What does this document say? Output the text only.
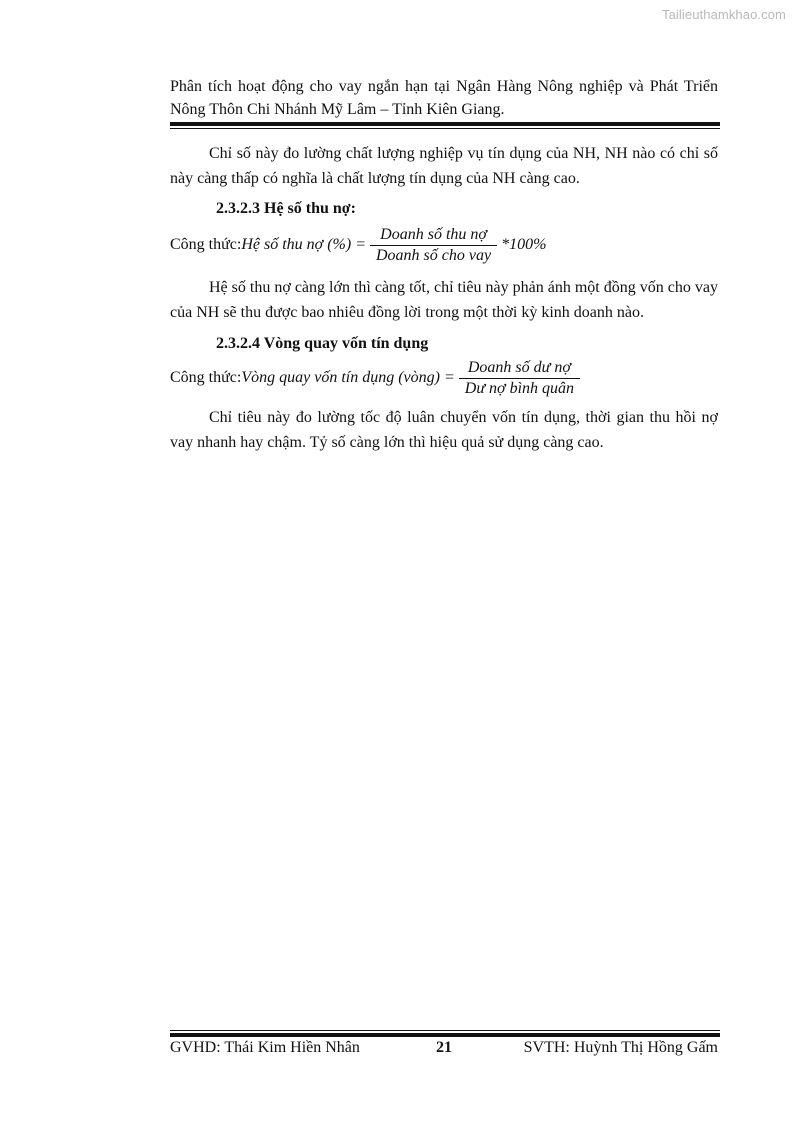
Tailieuthamkhao.com
Phân tích hoạt động cho vay ngắn hạn tại Ngân Hàng Nông nghiệp và Phát Triển Nông Thôn Chi Nhánh Mỹ Lâm – Tỉnh Kiên Giang.

Chỉ số này đo lường chất lượng nghiệp vụ tín dụng của NH, NH nào có chỉ số này càng thấp có nghĩa là chất lượng tín dụng của NH càng cao.

2.3.2.3 Hệ số thu nợ:

Công thức: Hệ số thu nợ (%) = $\frac{\text{Doanh số thu nợ}}{\text{Doanh số cho vay}} *100\%$

Hệ số thu nợ càng lớn thì càng tốt, chỉ tiêu này phản ánh một đồng vốn cho vay của NH sẽ thu được bao nhiêu đồng lời trong một thời kỳ kinh doanh nào.

2.3.2.4 Vòng quay vốn tín dụng

Công thức: Vòng quay vốn tín dụng (vòng) = $\frac{\text{Doanh số dư nợ}}{\text{Dư nợ bình quân}}$

Chỉ tiêu này đo lường tốc độ luân chuyển vốn tín dụng, thời gian thu hồi nợ vay nhanh hay chậm. Tỷ số càng lớn thì hiệu quả sử dụng càng cao.

GVHD: Thái Kim Hiền Nhân	21	SVTH: Huỳnh Thị Hồng Gấm
